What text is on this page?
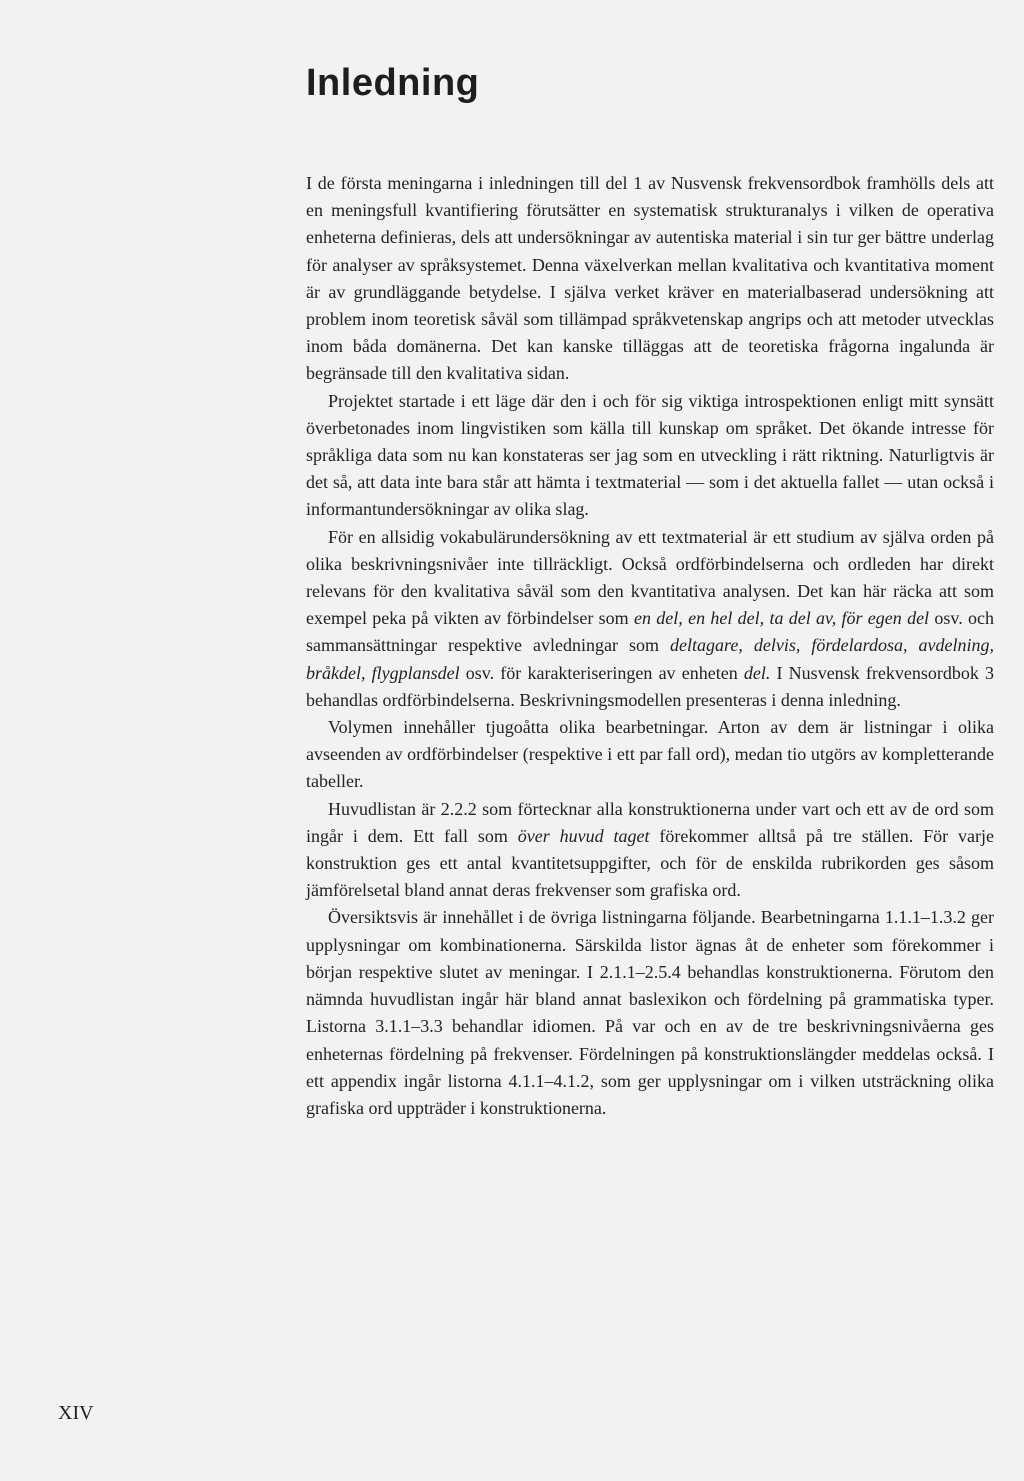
Inledning

I de första meningarna i inledningen till del 1 av Nusvensk frekvensordbok framhölls dels att en meningsfull kvantifiering förutsätter en systematisk strukturanalys i vilken de operativa enheterna definieras, dels att undersökningar av autentiska material i sin tur ger bättre underlag för analyser av språksystemet. Denna växelverkan mellan kvalitativa och kvantitativa moment är av grundläggande betydelse. I själva verket kräver en materialbaserad undersökning att problem inom teoretisk såväl som tillämpad språkvetenskap angrips och att metoder utvecklas inom båda domänerna. Det kan kanske tilläggas att de teoretiska frågorna ingalunda är begränsade till den kvalitativa sidan.

Projektet startade i ett läge där den i och för sig viktiga introspektionen enligt mitt synsätt överbetonades inom lingvistiken som källa till kunskap om språket. Det ökande intresse för språkliga data som nu kan konstateras ser jag som en utveckling i rätt riktning. Naturligtvis är det så, att data inte bara står att hämta i textmaterial — som i det aktuella fallet — utan också i informantundersökningar av olika slag.

För en allsidig vokabulärundersökning av ett textmaterial är ett studium av själva orden på olika beskrivningsnivåer inte tillräckligt. Också ordförbindelserna och ordleden har direkt relevans för den kvalitativa såväl som den kvantitativa analysen. Det kan här räcka att som exempel peka på vikten av förbindelser som en del, en hel del, ta del av, för egen del osv. och sammansättningar respektive avledningar som deltagare, delvis, fördelardosa, avdelning, bråkdel, flygplansdel osv. för karakteriseringen av enheten del. I Nusvensk frekvensordbok 3 behandlas ordförbindelserna. Beskrivningsmodellen presenteras i denna inledning.

Volymen innehåller tjugoåtta olika bearbetningar. Arton av dem är listningar i olika avseenden av ordförbindelser (respektive i ett par fall ord), medan tio utgörs av kompletterande tabeller.

Huvudlistan är 2.2.2 som förtecknar alla konstruktionerna under vart och ett av de ord som ingår i dem. Ett fall som över huvud taget förekommer alltså på tre ställen. För varje konstruktion ges ett antal kvantitetsuppgifter, och för de enskilda rubrikorden ges såsom jämförelsetal bland annat deras frekvenser som grafiska ord.

Översiktsvis är innehållet i de övriga listningarna följande. Bearbetningarna 1.1.1–1.3.2 ger upplysningar om kombinationerna. Särskilda listor ägnas åt de enheter som förekommer i början respektive slutet av meningar. I 2.1.1–2.5.4 behandlas konstruktionerna. Förutom den nämnda huvudlistan ingår här bland annat baslexikon och fördelning på grammatiska typer. Listorna 3.1.1–3.3 behandlar idiomen. På var och en av de tre beskrivningsnivåerna ges enheternas fördelning på frekvenser. Fördelningen på konstruktionslängder meddelas också. I ett appendix ingår listorna 4.1.1–4.1.2, som ger upplysningar om i vilken utsträckning olika grafiska ord uppträder i konstruktionerna.

XIV
